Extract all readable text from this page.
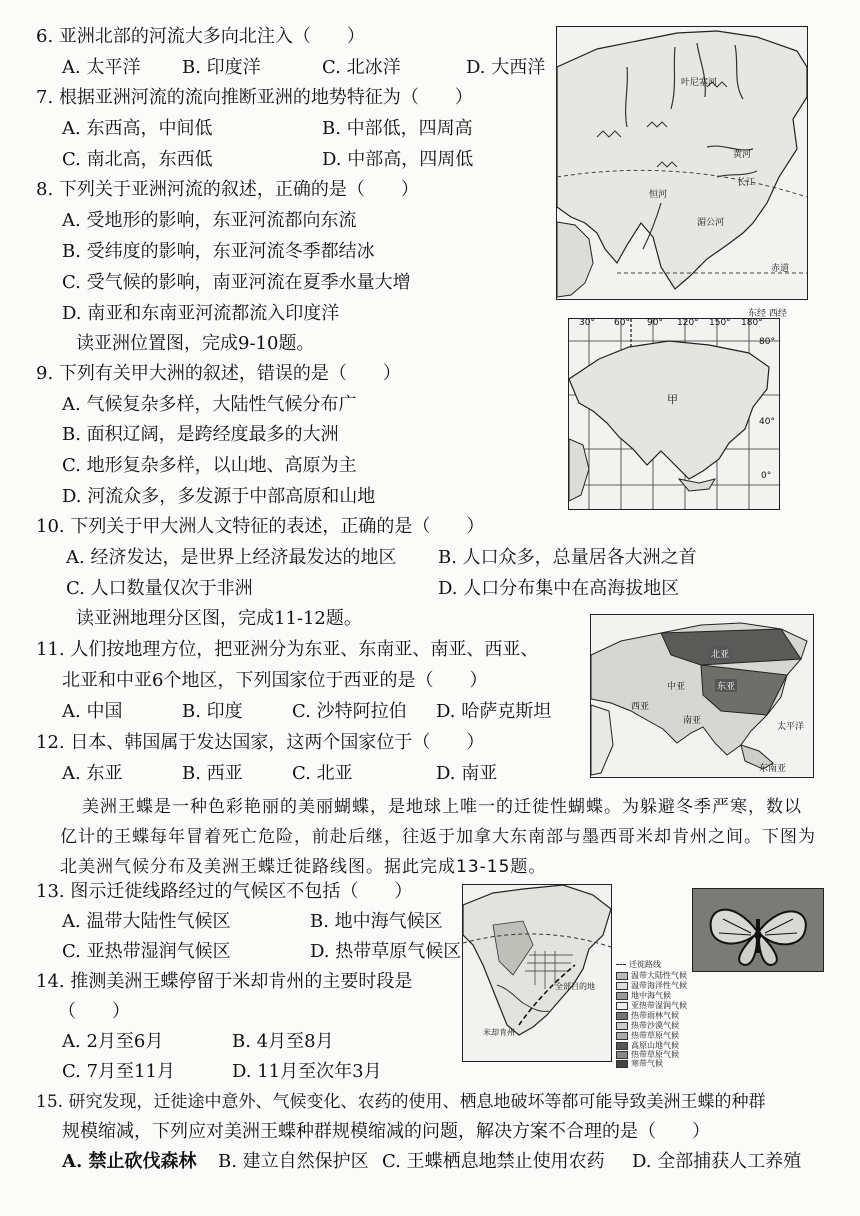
6. 亚洲北部的河流大多向北注入（　　）
A. 太平洋 B. 印度洋	C. 北冰洋	D. 大西洋
7. 根据亚洲河流的流向推断亚洲的地势特征为（　　）
A. 东西高，中间低	B. 中部低，四周高
C. 南北高，东西低	D. 中部高，四周低
8. 下列关于亚洲河流的叙述，正确的是（　　）
A. 受地形的影响，东亚河流都向东流
B. 受纬度的影响，东亚河流冬季都结冰
C. 受气候的影响，南亚河流在夏季水量大增
D. 南亚和东南亚河流都流入印度洋
读亚洲位置图，完成9-10题。
9. 下列有关甲大洲的叙述，错误的是（　　）
A. 气候复杂多样，大陆性气候分布广
B. 面积辽阔，是跨经度最多的大洲
C. 地形复杂多样，以山地、高原为主
D. 河流众多，多发源于中部高原和山地
10. 下列关于甲大洲人文特征的表述，正确的是（　　）
A. 经济发达，是世界上经济最发达的地区 B. 人口众多，总量居各大洲之首
C. 人口数量仅次于非洲	D. 人口分布集中在高海拔地区
读亚洲地理分区图，完成11-12题。
11. 人们按地理方位，把亚洲分为东亚、东南亚、南亚、西亚、
北亚和中亚6个地区，下列国家位于西亚的是（　　）
A. 中国	B. 印度	C. 沙特阿拉伯 D. 哈萨克斯坦
12. 日本、韩国属于发达国家，这两个国家位于（　　）
A. 东亚	B. 西亚	C. 北亚	D. 南亚
美洲王蝶是一种色彩艳丽的美丽蝴蝶，是地球上唯一的迁徙性蝴蝶。为躲避冬季严寒，数以
亿计的王蝶每年冒着死亡危险，前赴后继，往返于加拿大东南部与墨西哥米却肯州之间。下图为
北美洲气候分布及美洲王蝶迁徙路线图。据此完成13-15题。
13. 图示迁徙线路经过的气候区不包括（　　）
A. 温带大陆性气候区	B. 地中海气候区
C. 亚热带湿润气候区	D. 热带草原气候区
14. 推测美洲王蝶停留于米却肯州的主要时段是
（　　）
A. 2月至6月	B. 4月至8月
C. 7月至11月	D. 11月至次年3月
15. 研究发现，迁徙途中意外、气候变化、农药的使用、栖息地破坏等都可能导致美洲王蝶的种群
规模缩减，下列应对美洲王蝶种群规模缩减的问题，解决方案不合理的是（　　）
A. 禁止砍伐森林 B. 建立自然保护区 C. 王蝶栖息地禁止使用农药 D. 全部捕获人工养殖
叶尼塞河
黄河
长江
湄公河
恒河
赤道
30° 60° 90° 120° 150° 180°
80°
40°
0°
甲
东经 西经
北亚
东亚
中亚
西亚
南亚
东南亚
太平洋
全部目的地
米却肯州
迁徙路线
温带大陆性气候
温带海洋性气候
地中海气候
亚热带湿润气候
热带雨林气候
热带沙漠气候
热带草原气候
高原山地气候
热带草原气候
寒带气候
